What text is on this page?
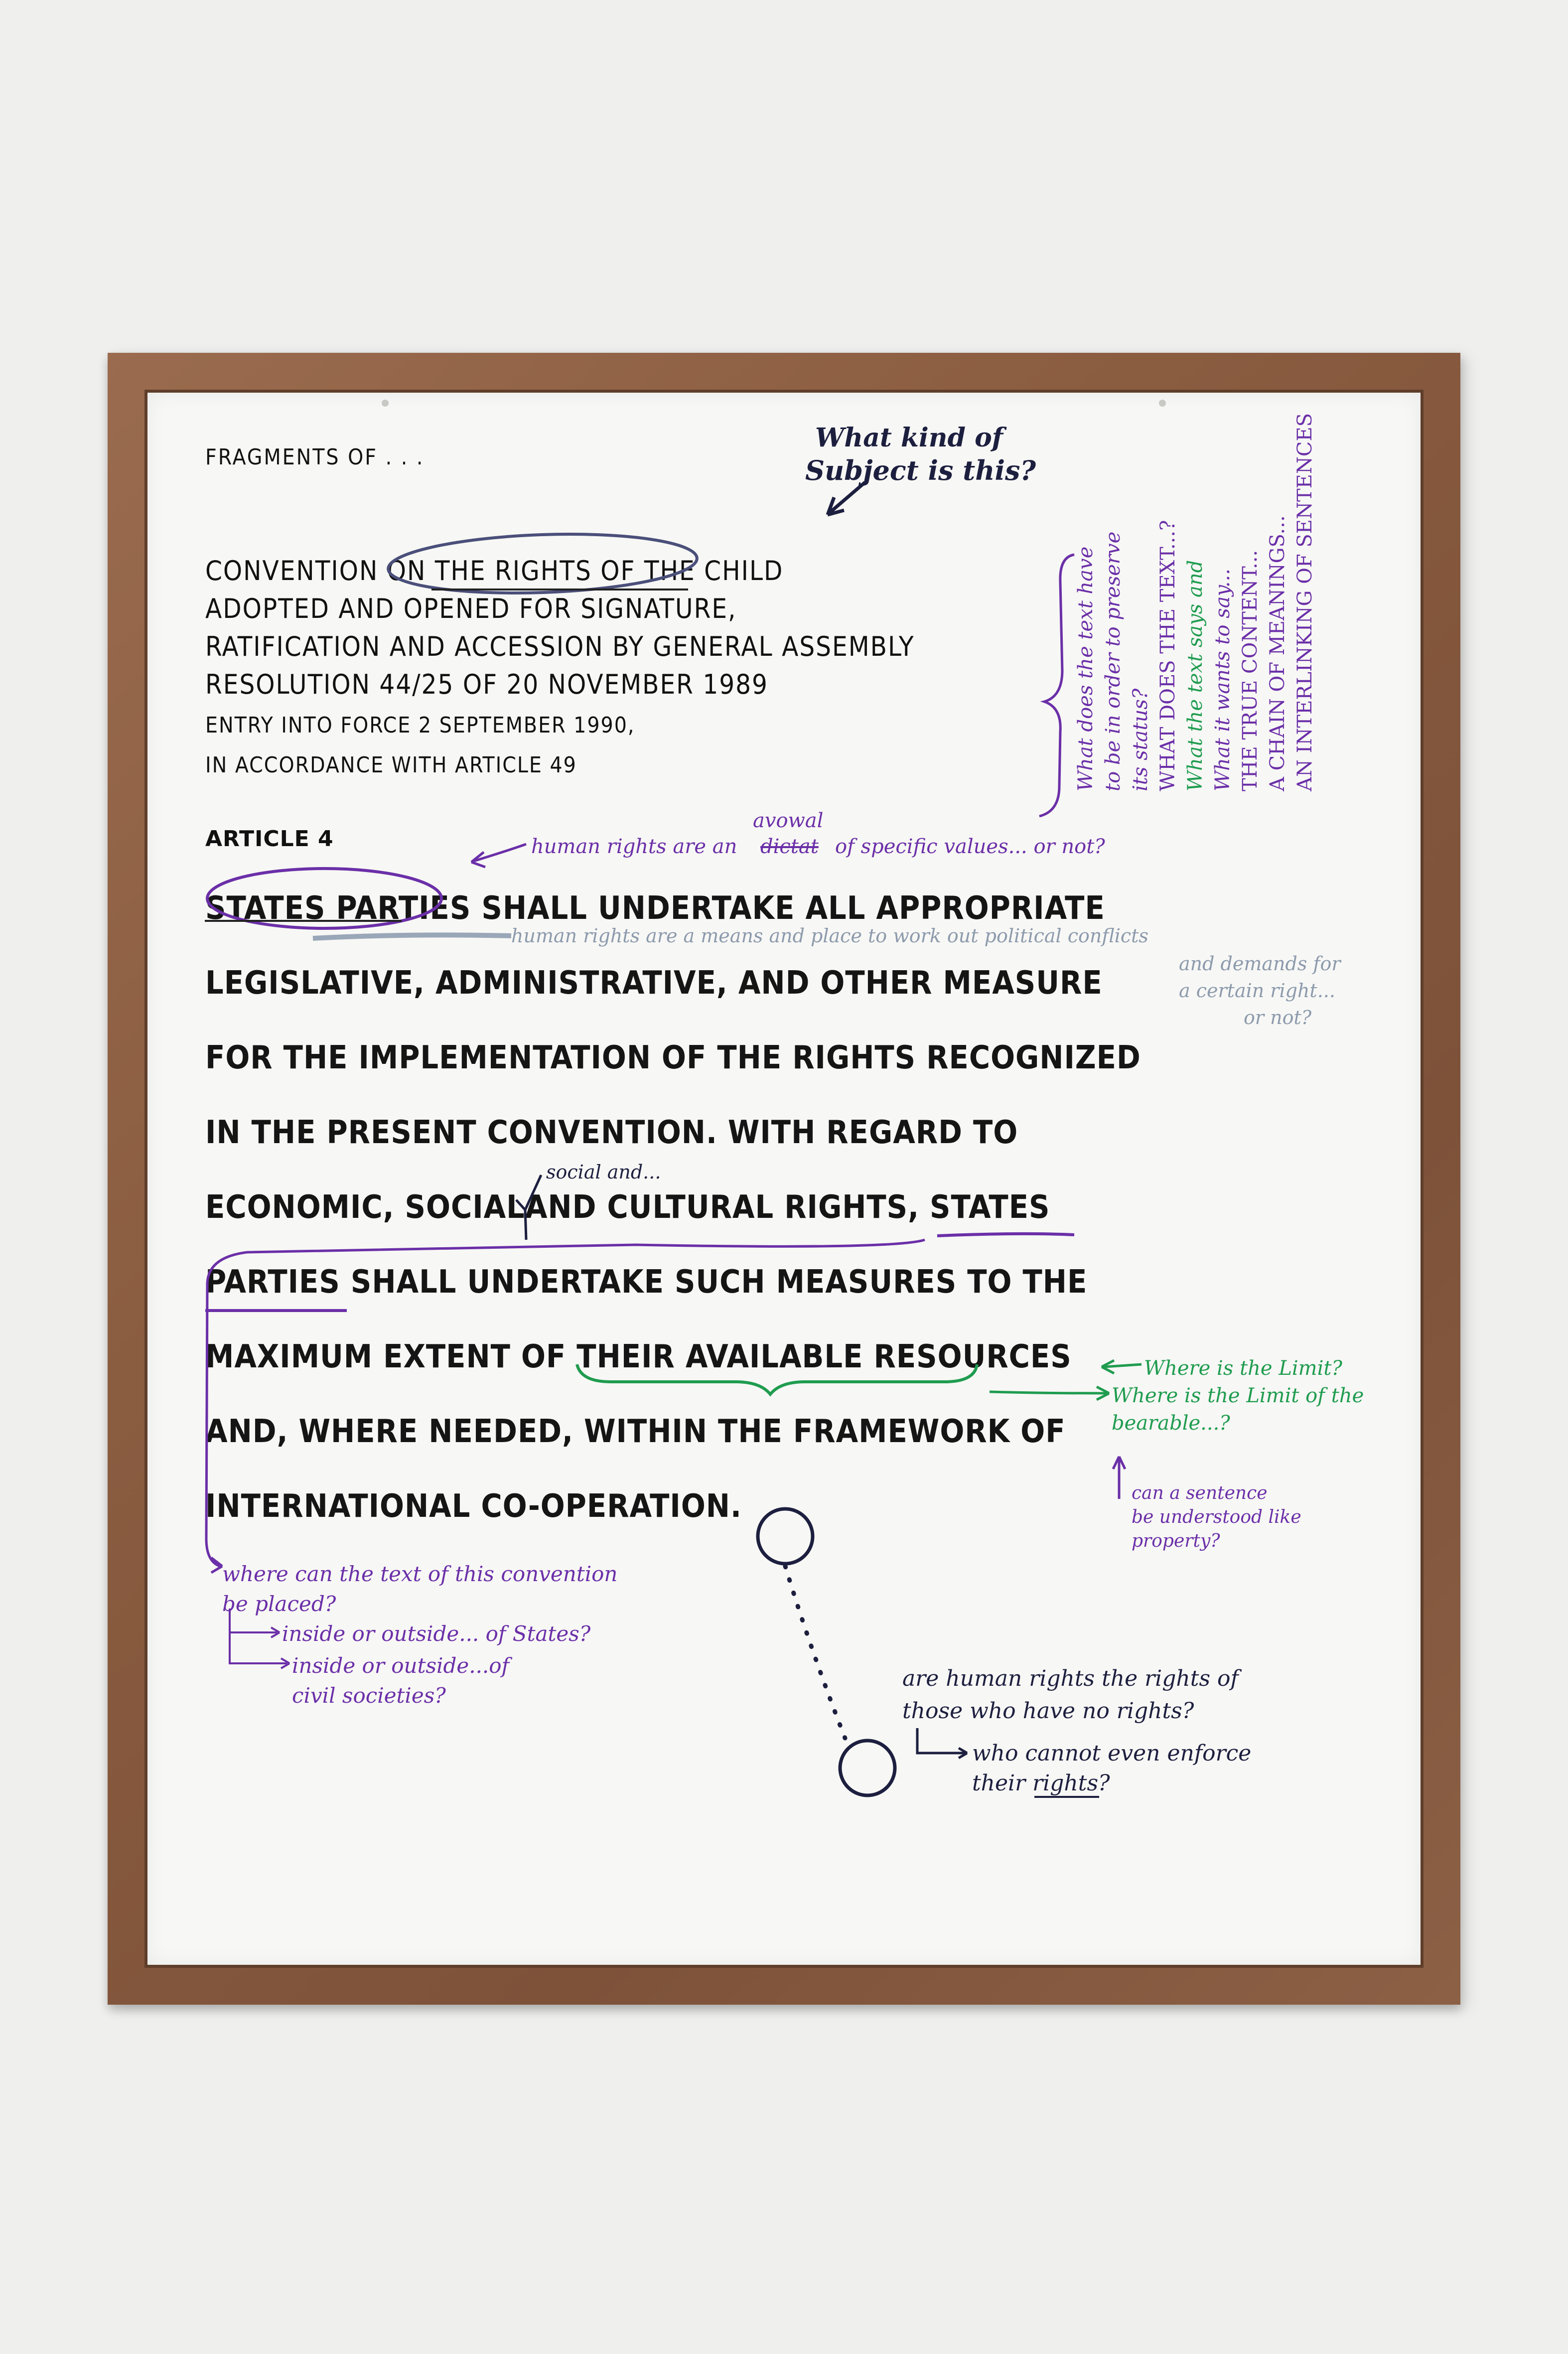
FRAGMENTS OF . . .

CONVENTION ON THE RIGHTS OF THE CHILD

ADOPTED AND OPENED FOR SIGNATURE,

RATIFICATION AND ACCESSION BY GENERAL ASSEMBLY

RESOLUTION 44/25 OF 20 NOVEMBER 1989

ENTRY INTO FORCE 2 SEPTEMBER 1990,

IN ACCORDANCE WITH ARTICLE 49

ARTICLE 4

STATES PARTIES SHALL UNDERTAKE ALL APPROPRIATE

LEGISLATIVE, ADMINISTRATIVE, AND OTHER MEASURE

FOR THE IMPLEMENTATION OF THE RIGHTS RECOGNIZED

IN THE PRESENT CONVENTION. WITH REGARD TO

ECONOMIC, SOCIALAND CULTURAL RIGHTS, STATES

PARTIES SHALL UNDERTAKE SUCH MEASURES TO THE

MAXIMUM EXTENT OF THEIR AVAILABLE RESOURCES

AND, WHERE NEEDED, WITHIN THE FRAMEWORK OF

INTERNATIONAL CO-OPERATION.

What kind of

Subject is this?

What does the text have to be in order to preserve its status? WHAT DOES THE TEXT...? What the text says and What it wants to say... THE TRUE CONTENT... A CHAIN OF MEANINGS... AN INTERLINKING OF SENTENCES

avowal

human rights are an dictat of specific values... or not?

human rights are a means and place to work out political conflicts

and demands for

a certain right...

or not?

social and...

Where is the Limit?

Where is the Limit of the

bearable...?

can a sentence

be understood like

property?

where can the text of this convention

be placed?

inside or outside... of States?

inside or outside...of

civil societies?

are human rights the rights of

those who have no rights?

who cannot even enforce

their rights?
